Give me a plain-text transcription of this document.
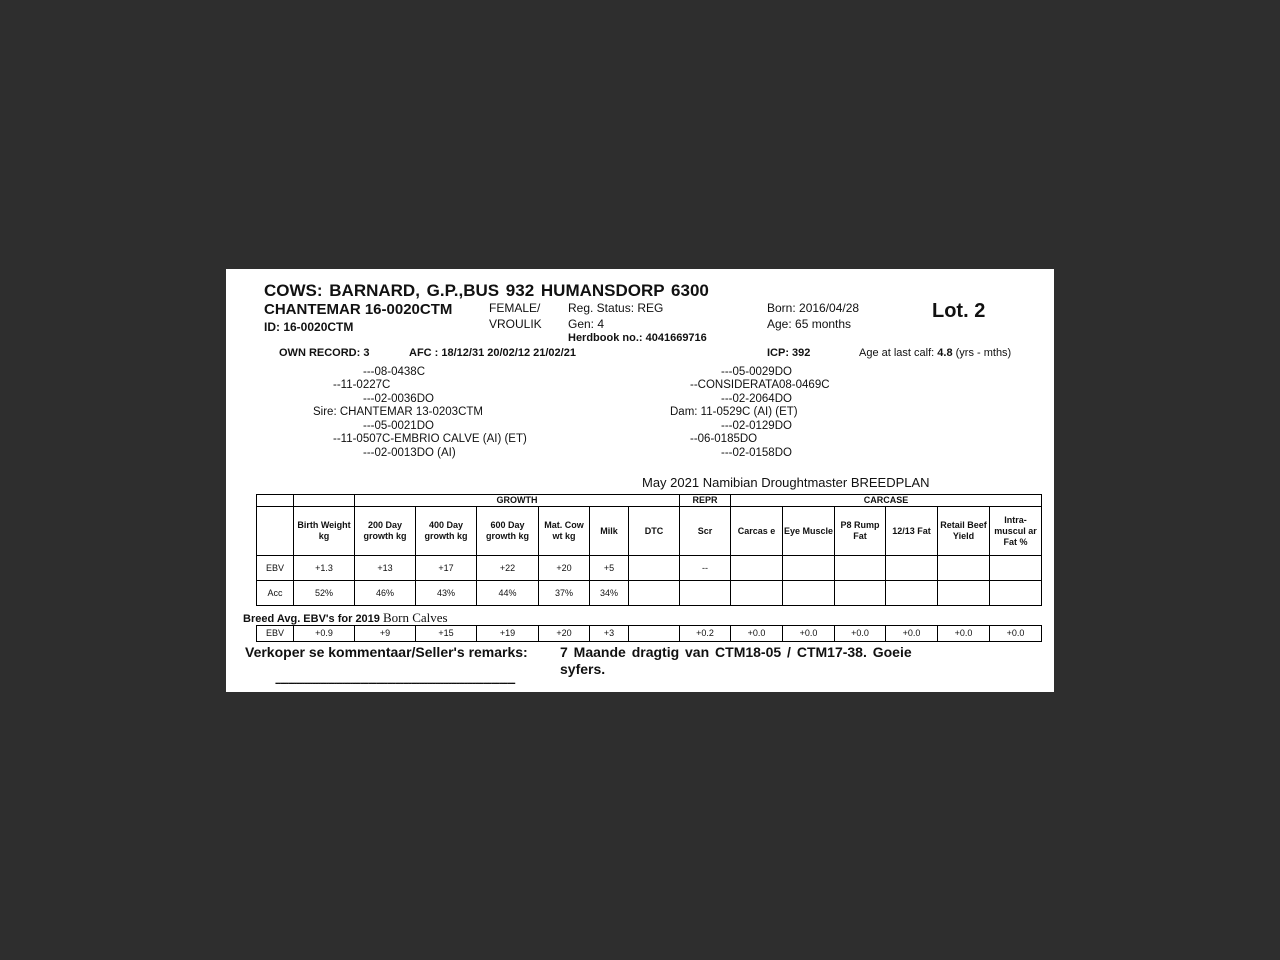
COWS: BARNARD, G.P.,BUS 932 HUMANSDORP 6300
CHANTEMAR 16-0020CTM
ID: 16-0020CTM
FEMALE/
VROULIK
Reg. Status: REG
Gen: 4
Herdbook no.: 4041669716
Born: 2016/04/28
Age: 65 months
Lot. 2
OWN RECORD: 3	AFC : 18/12/31 20/02/12 21/02/21	ICP: 392	Age at last calf: 4.8 (yrs - mths)
---08-0438C
--11-0227C
---02-0036DO
Sire: CHANTEMAR 13-0203CTM
---05-0021DO
--11-0507C-EMBRIO CALVE (AI) (ET)
---02-0013DO (AI)
---05-0029DO
--CONSIDERATA08-0469C
---02-2064DO
Dam: 11-0529C (AI) (ET)
---02-0129DO
--06-0185DO
---02-0158DO
May 2021 Namibian Droughtmaster BREEDPLAN
		GROWTH						REPR	CARCASE					
	Birth Weight kg	200 Day growth kg	400 Day growth kg	600 Day growth kg	Mat. Cow wt kg	Milk	DTC	Scr	Carcas e	Eye Muscle	P8 Rump Fat	12/13 Fat	Retail Beef Yield	Intra-muscul ar Fat %
EBV	+1.3	+13	+17	+22	+20	+5		--						
Acc	52%	46%	43%	44%	37%	34%								
Breed Avg. EBV's for 2019 Born Calves
EBV	+0.9	+9	+15	+19	+20	+3		+0.2	+0.0	+0.0	+0.0	+0.0	+0.0	+0.0
Verkoper se kommentaar/Seller's remarks: 7 Maande dragtig van CTM18-05 / CTM17-38. Goeie
syfers.
------------------------------------------------------------------------------------------
